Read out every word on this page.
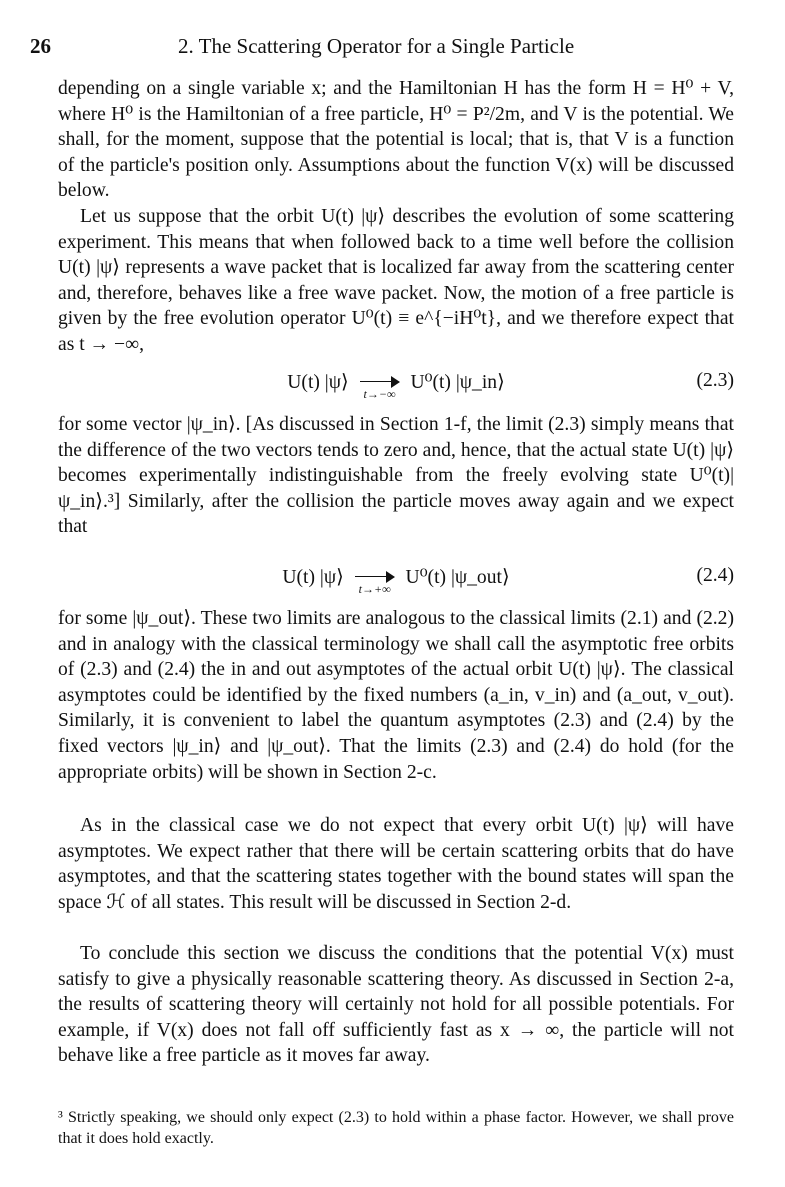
26	2. The Scattering Operator for a Single Particle

depending on a single variable x; and the Hamiltonian H has the form H = H⁰ + V, where H⁰ is the Hamiltonian of a free particle, H⁰ = P²/2m, and V is the potential. We shall, for the moment, suppose that the potential is local; that is, that V is a function of the particle's position only. Assumptions about the function V(x) will be discussed below.

Let us suppose that the orbit U(t) |ψ⟩ describes the evolution of some scattering experiment. This means that when followed back to a time well before the collision U(t) |ψ⟩ represents a wave packet that is localized far away from the scattering center and, therefore, behaves like a free wave packet. Now, the motion of a free particle is given by the free evolution operator U⁰(t) ≡ e^{−iH⁰t}, and we therefore expect that as t → −∞,

U(t) |ψ⟩
t→−∞
U⁰(t) |ψ_in⟩	(2.3)

for some vector |ψ_in⟩. [As discussed in Section 1-f, the limit (2.3) simply means that the difference of the two vectors tends to zero and, hence, that the actual state U(t) |ψ⟩ becomes experimentally indistinguishable from the freely evolving state U⁰(t)|ψ_in⟩.³] Similarly, after the collision the particle moves away again and we expect that

U(t) |ψ⟩
t→+∞
U⁰(t) |ψ_out⟩	(2.4)

for some |ψ_out⟩. These two limits are analogous to the classical limits (2.1) and (2.2) and in analogy with the classical terminology we shall call the asymptotic free orbits of (2.3) and (2.4) the in and out asymptotes of the actual orbit U(t) |ψ⟩. The classical asymptotes could be identified by the fixed numbers (a_in, v_in) and (a_out, v_out). Similarly, it is convenient to label the quantum asymptotes (2.3) and (2.4) by the fixed vectors |ψ_in⟩ and |ψ_out⟩. That the limits (2.3) and (2.4) do hold (for the appropriate orbits) will be shown in Section 2-c.

As in the classical case we do not expect that every orbit U(t) |ψ⟩ will have asymptotes. We expect rather that there will be certain scattering orbits that do have asymptotes, and that the scattering states together with the bound states will span the space ℋ of all states. This result will be discussed in Section 2-d.

To conclude this section we discuss the conditions that the potential V(x) must satisfy to give a physically reasonable scattering theory. As discussed in Section 2-a, the results of scattering theory will certainly not hold for all possible potentials. For example, if V(x) does not fall off sufficiently fast as x → ∞, the particle will not behave like a free particle as it moves far away.

³ Strictly speaking, we should only expect (2.3) to hold within a phase factor. However, we shall prove that it does hold exactly.
